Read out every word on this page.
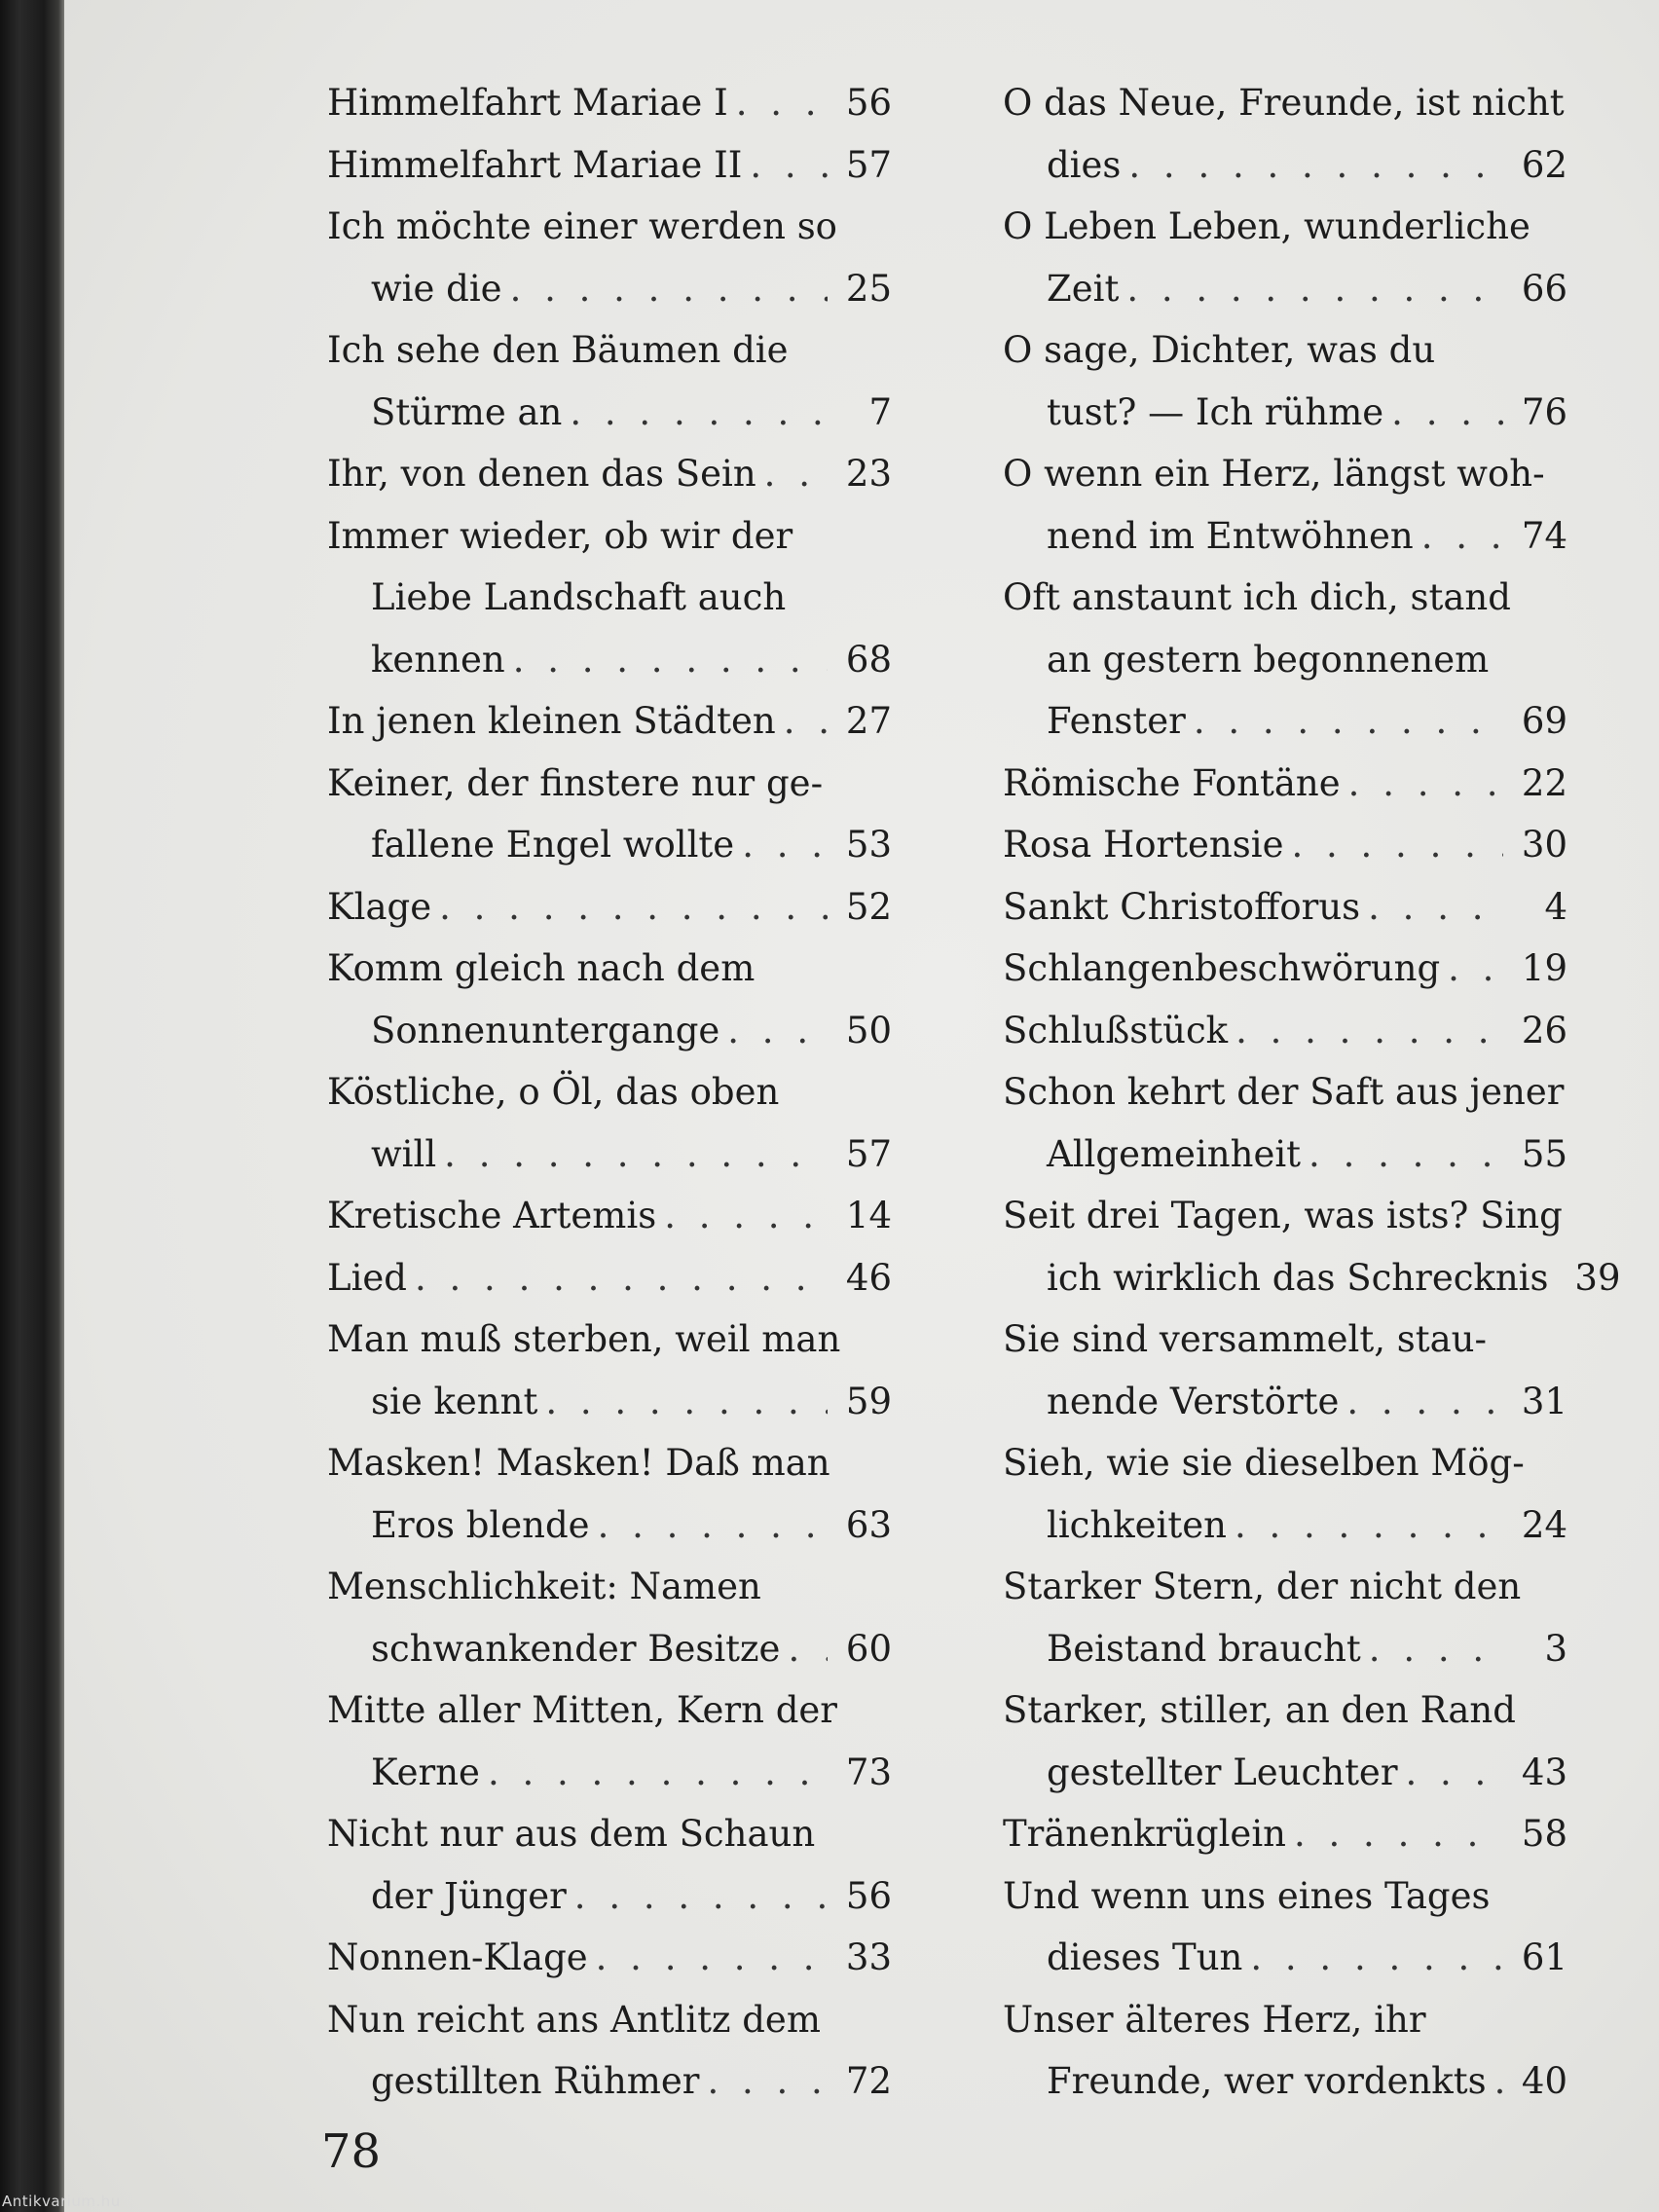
Himmelfahrt Mariae I . . .	56
Himmelfahrt Mariae II . . .	57
Ich möchte einer werden so
wie die . . .	25
Ich sehe den Bäumen die
Stürme an . . .	7
Ihr, von denen das Sein . . . 23
Immer wieder, ob wir der
Liebe Landschaft auch
kennen . . .	68
In jenen kleinen Städten . . . 27
Keiner, der finstere nur ge-
fallene Engel wollte . . .	53
Klage . . .	52
Komm gleich nach dem
Sonnenuntergange . . .	50
Köstliche, o Öl, das oben
will . . .	57
Kretische Artemis . . .	14
Lied . . .	46
Man muß sterben, weil man
sie kennt . . .	59
Masken! Masken! Daß man
Eros blende . . .	63
Menschlichkeit: Namen
schwankender Besitze . . . 60
Mitte aller Mitten, Kern der
Kerne . . .	73
Nicht nur aus dem Schaun
der Jünger . . .	56
Nonnen-Klage . . .	33
Nun reicht ans Antlitz dem
gestillten Rühmer . . .	72
O das Neue, Freunde, ist nicht
dies . . .	62
O Leben Leben, wunderliche
Zeit . . .	66
O sage, Dichter, was du
tust? — Ich rühme . . .	76
O wenn ein Herz, längst woh-
nend im Entwöhnen . . .	74
Oft anstaunt ich dich, stand
an gestern begonnenem
Fenster . . .	69
Römische Fontäne . . .	22
Rosa Hortensie . . .	30
Sankt Christofforus . . .	4
Schlangenbeschwörung . . . 19
Schlußstück . . .	26
Schon kehrt der Saft aus jener
Allgemeinheit . . .	55
Seit drei Tagen, was ists? Sing
ich wirklich das Schrecknis 39
Sie sind versammelt, stau-
nende Verstörte . . .	31
Sieh, wie sie dieselben Mög-
lichkeiten . . .	24
Starker Stern, der nicht den
Beistand braucht . . .	3
Starker, stiller, an den Rand
gestellter Leuchter . . .	43
Tränenkrüglein . . .	58
Und wenn uns eines Tages
dieses Tun . . .	61
Unser älteres Herz, ihr
Freunde, wer vordenkts . . . 40
78
Antikvarium.hu
